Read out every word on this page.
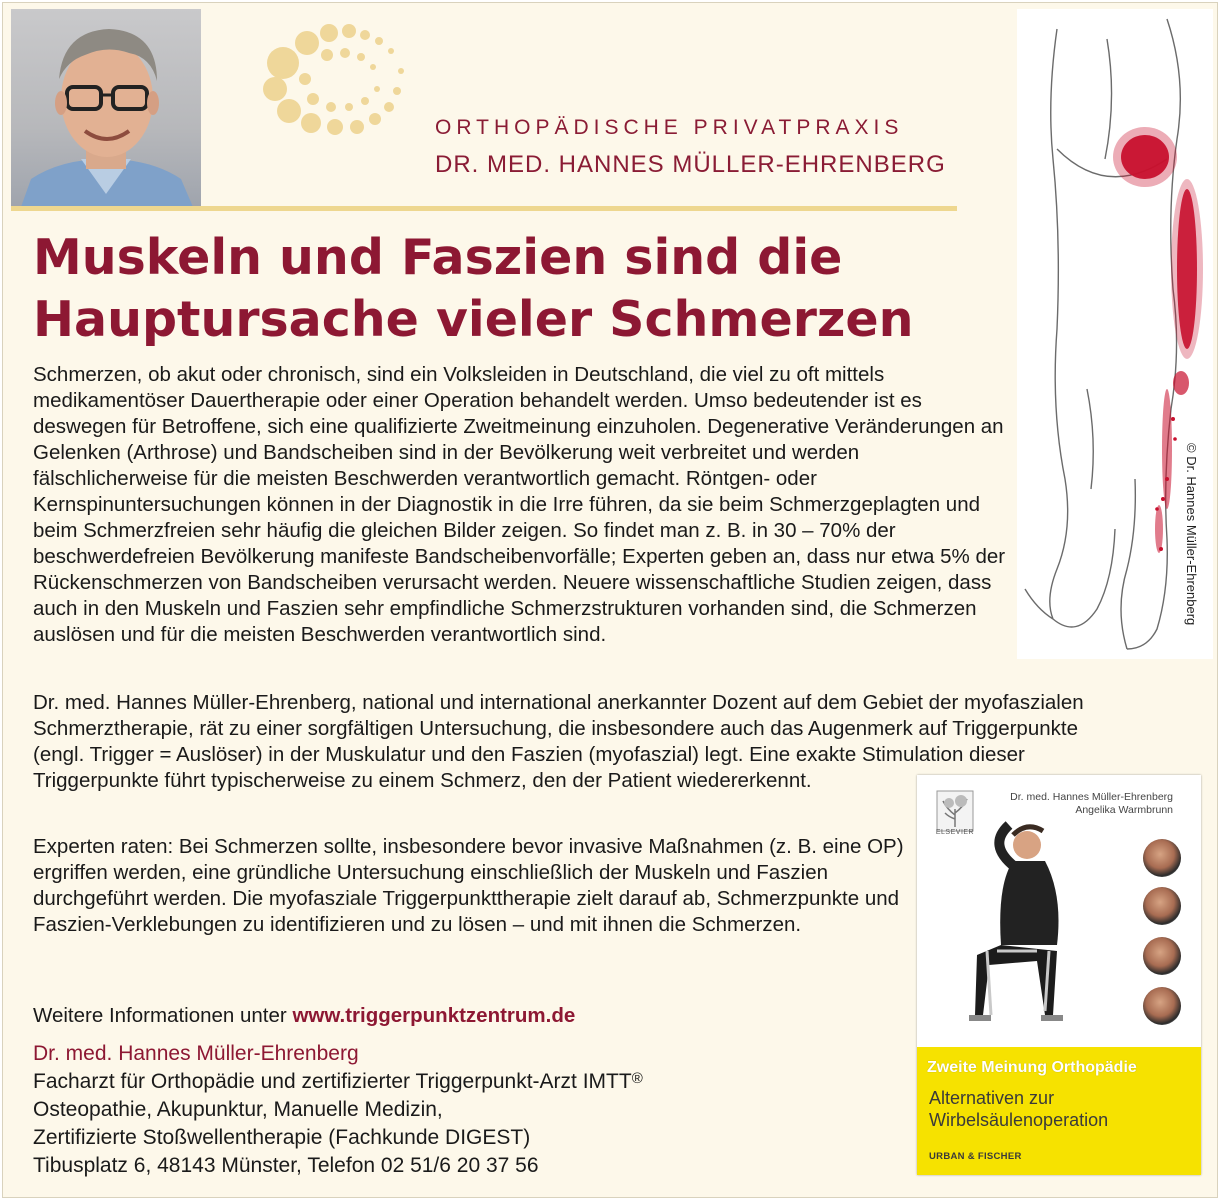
ORTHOPÄDISCHE PRIVATPRAXIS
DR. MED. HANNES MÜLLER-EHRENBERG
© Dr. Hannes Müller-Ehrenberg
Muskeln und Faszien sind die
Hauptursache vieler Schmerzen

Schmerzen, ob akut oder chronisch, sind ein Volksleiden in Deutschland, die viel zu oft mittels medikamentöser Dauertherapie oder einer Operation behandelt werden. Umso bedeutender ist es deswegen für Betroffene, sich eine qualifizierte Zweitmeinung einzuholen. Degenerative Veränderungen an Gelenken (Arthrose) und Bandscheiben sind in der Bevölkerung weit verbreitet und werden fälschlicherweise für die meisten Beschwerden verantwortlich gemacht. Röntgen- oder Kernspinuntersuchungen können in der Diagnostik in die Irre führen, da sie beim Schmerzgeplagten und beim Schmerzfreien sehr häufig die gleichen Bilder zeigen. So findet man z. B. in 30 – 70% der beschwerdefreien Bevölkerung manifeste Bandscheibenvorfälle; Experten geben an, dass nur etwa 5% der Rückenschmerzen von Bandscheiben verursacht werden. Neuere wissenschaftliche Studien zeigen, dass auch in den Muskeln und Faszien sehr empfindliche Schmerzstrukturen vorhanden sind, die Schmerzen auslösen und für die meisten Beschwerden verantwortlich sind.

Dr. med. Hannes Müller-Ehrenberg, national und international anerkannter Dozent auf dem Gebiet der myofaszialen Schmerztherapie, rät zu einer sorgfältigen Untersuchung, die insbesondere auch das Augenmerk auf Triggerpunkte (engl. Trigger = Auslöser) in der Muskulatur und den Faszien (myofaszial) legt. Eine exakte Stimulation dieser Triggerpunkte führt typischerweise zu einem Schmerz, den der Patient wiedererkennt.

Experten raten: Bei Schmerzen sollte, insbesondere bevor invasive Maßnahmen (z. B. eine OP) ergriffen werden, eine gründliche Untersuchung einschließlich der Muskeln und Faszien durchgeführt werden. Die myofasziale Triggerpunkttherapie zielt darauf ab, Schmerzpunkte und Faszien-Verklebungen zu identifizieren und zu lösen – und mit ihnen die Schmerzen.

Weitere Informationen unter www.triggerpunktzentrum.de
Dr. med. Hannes Müller-Ehrenberg
Facharzt für Orthopädie und zertifizierter Triggerpunkt-Arzt IMTT®
Osteopathie, Akupunktur, Manuelle Medizin,
Zertifizierte Stoßwellentherapie (Fachkunde DIGEST)
Tibusplatz 6, 48143 Münster, Telefon 02 51/6 20 37 56
ELSEVIER
Dr. med. Hannes Müller-Ehrenberg
Angelika Warmbrunn
Zweite Meinung Orthopädie
Alternativen zur
Wirbelsäulenoperation
URBAN & FISCHER
